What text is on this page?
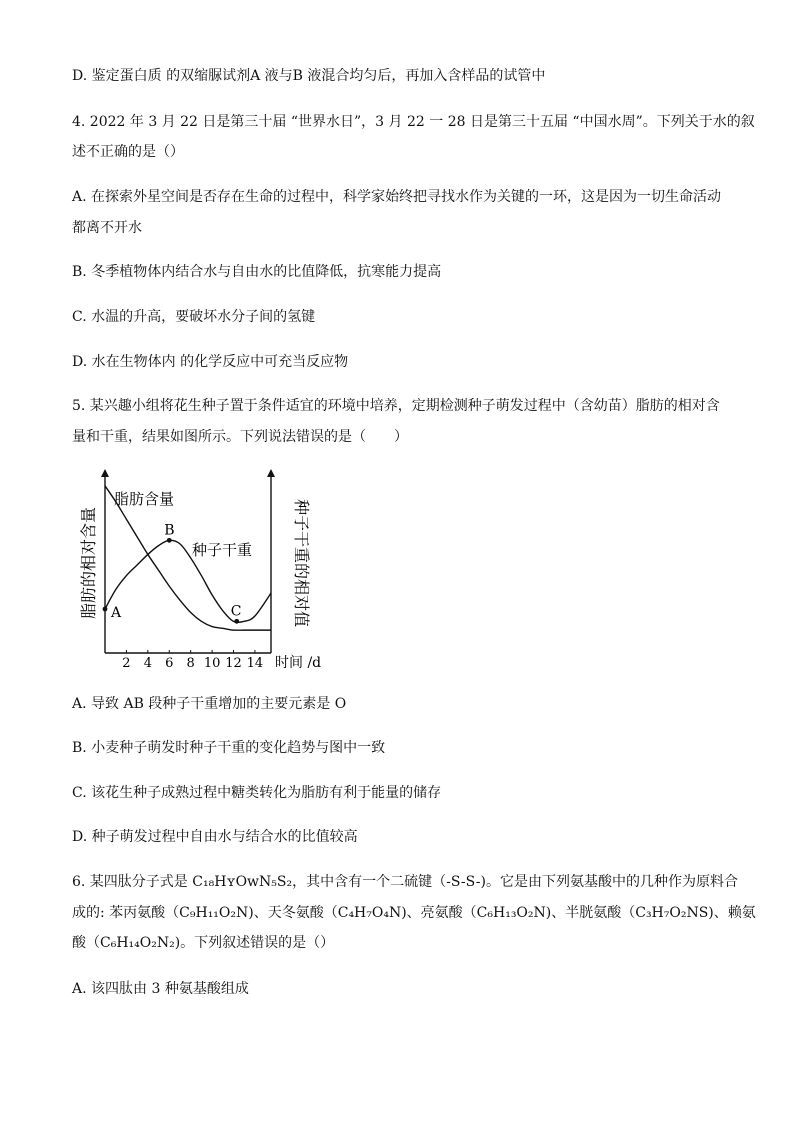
D. 鉴定蛋白质 的双缩脲试剂A 液与B 液混合均匀后，再加入含样品的试管中
4. 2022 年 3 月 22 日是第三十届 “世界水日”，3 月 22 一 28 日是第三十五届 “中国水周”。下列关于水的叙
述不正确的是（）
A. 在探索外星空间是否存在生命的过程中，科学家始终把寻找水作为关键的一环，这是因为一切生命活动
都离不开水
B. 冬季植物体内结合水与自由水的比值降低，抗寒能力提高
C. 水温的升高，要破坏水分子间的氢键
D. 水在生物体内 的化学反应中可充当反应物
5. 某兴趣小组将花生种子置于条件适宜的环境中培养，定期检测种子萌发过程中（含幼苗）脂肪的相对含
量和干重，结果如图所示。下列说法错误的是（　　）
2 4 6 8 10 12 14
A
B
C
脂肪的相对含量	种子干重的相对值
脂肪含量
种子干重
时间 /d
A. 导致 AB 段种子干重增加的主要元素是 O
B. 小麦种子萌发时种子干重的变化趋势与图中一致
C. 该花生种子成熟过程中糖类转化为脂肪有利于能量的储存
D. 种子萌发过程中自由水与结合水的比值较高
6. 某四肽分子式是 C₁₈HʏOᴡN₅S₂，其中含有一个二硫键（-S-S-)。它是由下列氨基酸中的几种作为原料合
成的: 苯丙氨酸（C₉H₁₁O₂N)、天冬氨酸（C₄H₇O₄N)、亮氨酸（C₆H₁₃O₂N)、半胱氨酸（C₃H₇O₂NS)、赖氨
酸（C₆H₁₄O₂N₂)。下列叙述错误的是（）
A. 该四肽由 3 种氨基酸组成
